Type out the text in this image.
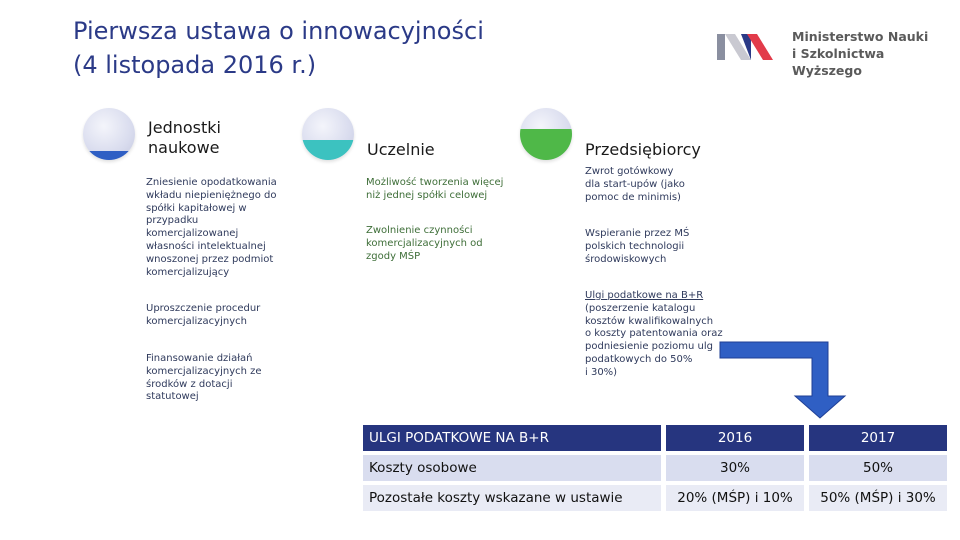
Pierwsza ustawa o innowacyjności
(4 listopada 2016 r.)
Ministerstwo Nauki
i Szkolnictwa Wyższego
Jednostki
naukowe
Zniesienie opodatkowania
wkładu niepieniężnego do
spółki kapitałowej w
przypadku
komercjalizowanej
własności intelektualnej
wnoszonej przez podmiot
komercjalizujący
Uproszczenie procedur
komercjalizacyjnych
Finansowanie działań
komercjalizacyjnych ze
środków z dotacji
statutowej
Uczelnie
Możliwość tworzenia więcej
niż jednej spółki celowej
Zwolnienie czynności
komercjalizacyjnych od
zgody MŚP
Przedsiębiorcy
Zwrot gotówkowy
dla start-upów (jako
pomoc de minimis)
Wspieranie przez MŚ
polskich technologii
środowiskowych
Ulgi podatkowe na B+R
(poszerzenie katalogu
kosztów kwalifikowalnych
o koszty patentowania oraz
podniesienie poziomu ulg
podatkowych do 50%
i 30%)
ULGI PODATKOWE NA B+R		2016		2017
Koszty osobowe		30%		50%
Pozostałe koszty wskazane w ustawie		20% (MŚP) i 10%		50% (MŚP) i 30%
